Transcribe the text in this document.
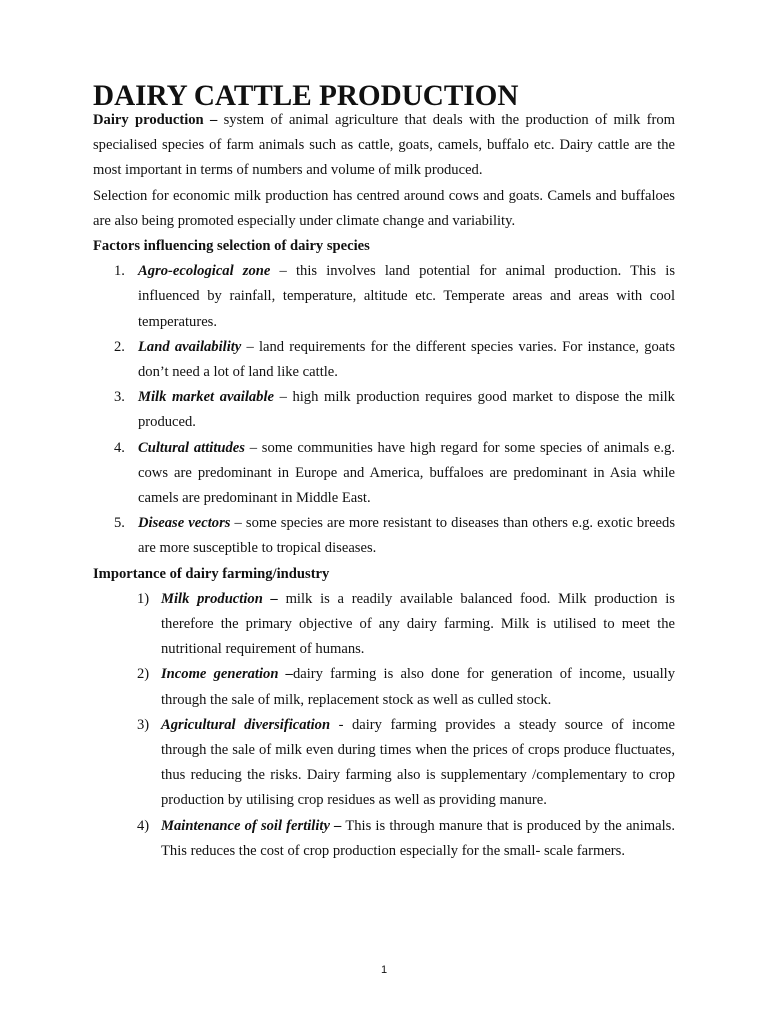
DAIRY CATTLE PRODUCTION

Dairy production – system of animal agriculture that deals with the production of milk from specialised species of farm animals such as cattle, goats, camels, buffalo etc. Dairy cattle are the most important in terms of numbers and volume of milk produced.

Selection for economic milk production has centred around cows and goats. Camels and buffaloes are also being promoted especially under climate change and variability.

Factors influencing selection of dairy species
1. Agro-ecological zone – this involves land potential for animal production. This is influenced by rainfall, temperature, altitude etc. Temperate areas and areas with cool temperatures.
2. Land availability – land requirements for the different species varies. For instance, goats don’t need a lot of land like cattle.
3. Milk market available – high milk production requires good market to dispose the milk produced.
4. Cultural attitudes – some communities have high regard for some species of animals e.g. cows are predominant in Europe and America, buffaloes are predominant in Asia while camels are predominant in Middle East.
5. Disease vectors – some species are more resistant to diseases than others e.g. exotic breeds are more susceptible to tropical diseases.
Importance of dairy farming/industry
1) Milk production – milk is a readily available balanced food. Milk production is therefore the primary objective of any dairy farming. Milk is utilised to meet the nutritional requirement of humans.
2) Income generation –dairy farming is also done for generation of income, usually through the sale of milk, replacement stock as well as culled stock.
3) Agricultural diversification - dairy farming provides a steady source of income through the sale of milk even during times when the prices of crops produce fluctuates, thus reducing the risks. Dairy farming also is supplementary /complementary to crop production by utilising crop residues as well as providing manure.
4) Maintenance of soil fertility – This is through manure that is produced by the animals. This reduces the cost of crop production especially for the small- scale farmers.
1
